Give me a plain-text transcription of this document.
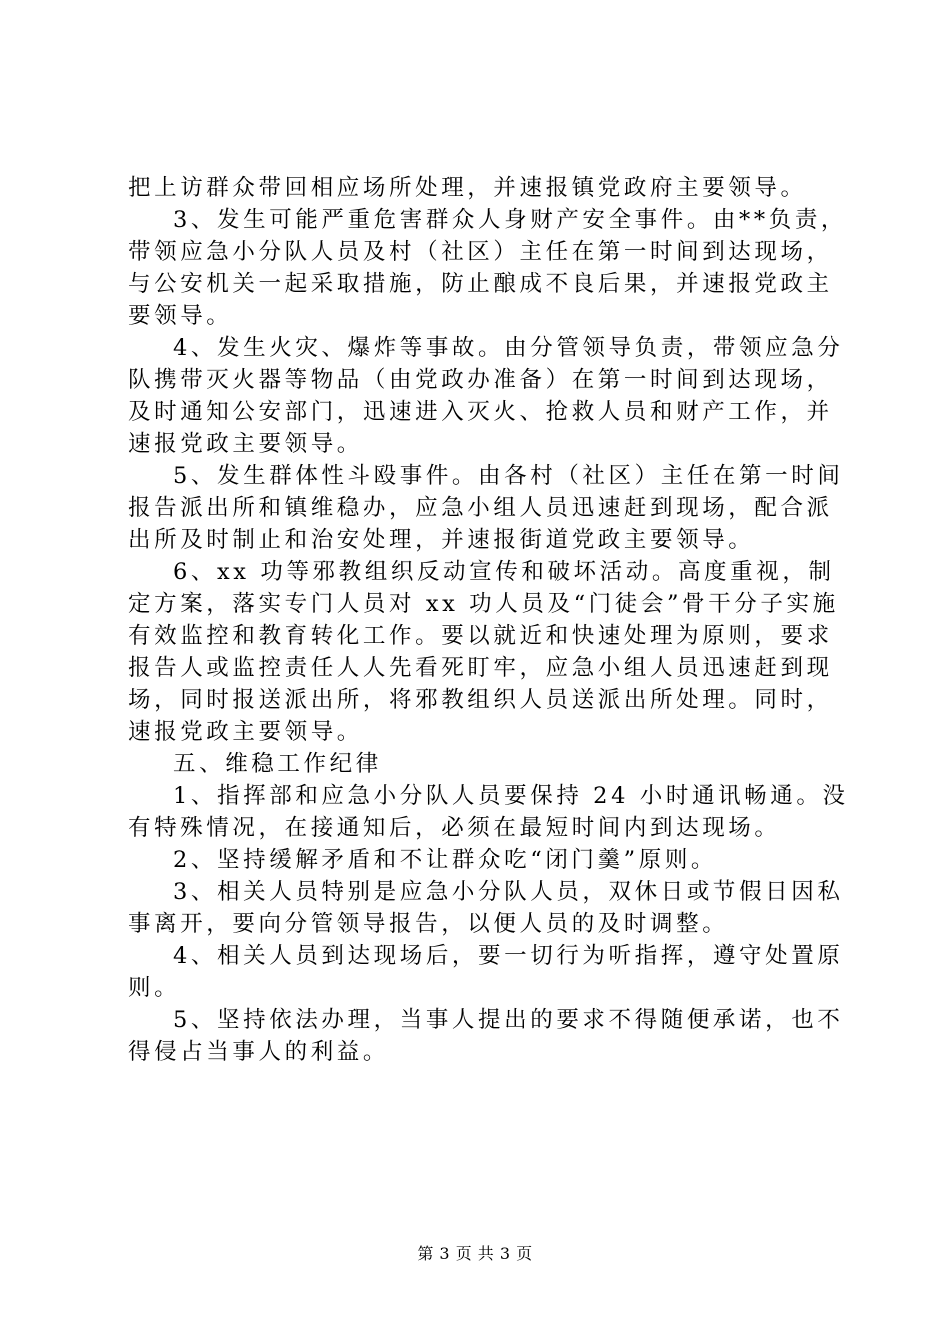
把上访群众带回相应场所处理，并速报镇党政府主要领导。
3、发生可能严重危害群众人身财产安全事件。由**负责，
带领应急小分队人员及村（社区）主任在第一时间到达现场，
与公安机关一起采取措施，防止酿成不良后果，并速报党政主
要领导。
4、发生火灾、爆炸等事故。由分管领导负责，带领应急分
队携带灭火器等物品（由党政办准备）在第一时间到达现场，
及时通知公安部门，迅速进入灭火、抢救人员和财产工作，并
速报党政主要领导。
5、发生群体性斗殴事件。由各村（社区）主任在第一时间
报告派出所和镇维稳办，应急小组人员迅速赶到现场，配合派
出所及时制止和治安处理，并速报街道党政主要领导。
6、xx 功等邪教组织反动宣传和破坏活动。高度重视，制
定方案，落实专门人员对 xx 功人员及“门徒会”骨干分子实施
有效监控和教育转化工作。要以就近和快速处理为原则，要求
报告人或监控责任人人先看死盯牢，应急小组人员迅速赶到现
场，同时报送派出所，将邪教组织人员送派出所处理。同时，
速报党政主要领导。
五、维稳工作纪律
1、指挥部和应急小分队人员要保持 24 小时通讯畅通。没
有特殊情况，在接通知后，必须在最短时间内到达现场。
2、坚持缓解矛盾和不让群众吃“闭门羹”原则。
3、相关人员特别是应急小分队人员，双休日或节假日因私
事离开，要向分管领导报告，以便人员的及时调整。
4、相关人员到达现场后，要一切行为听指挥，遵守处置原
则。
5、坚持依法办理，当事人提出的要求不得随便承诺，也不
得侵占当事人的利益。
第 3 页 共 3 页
